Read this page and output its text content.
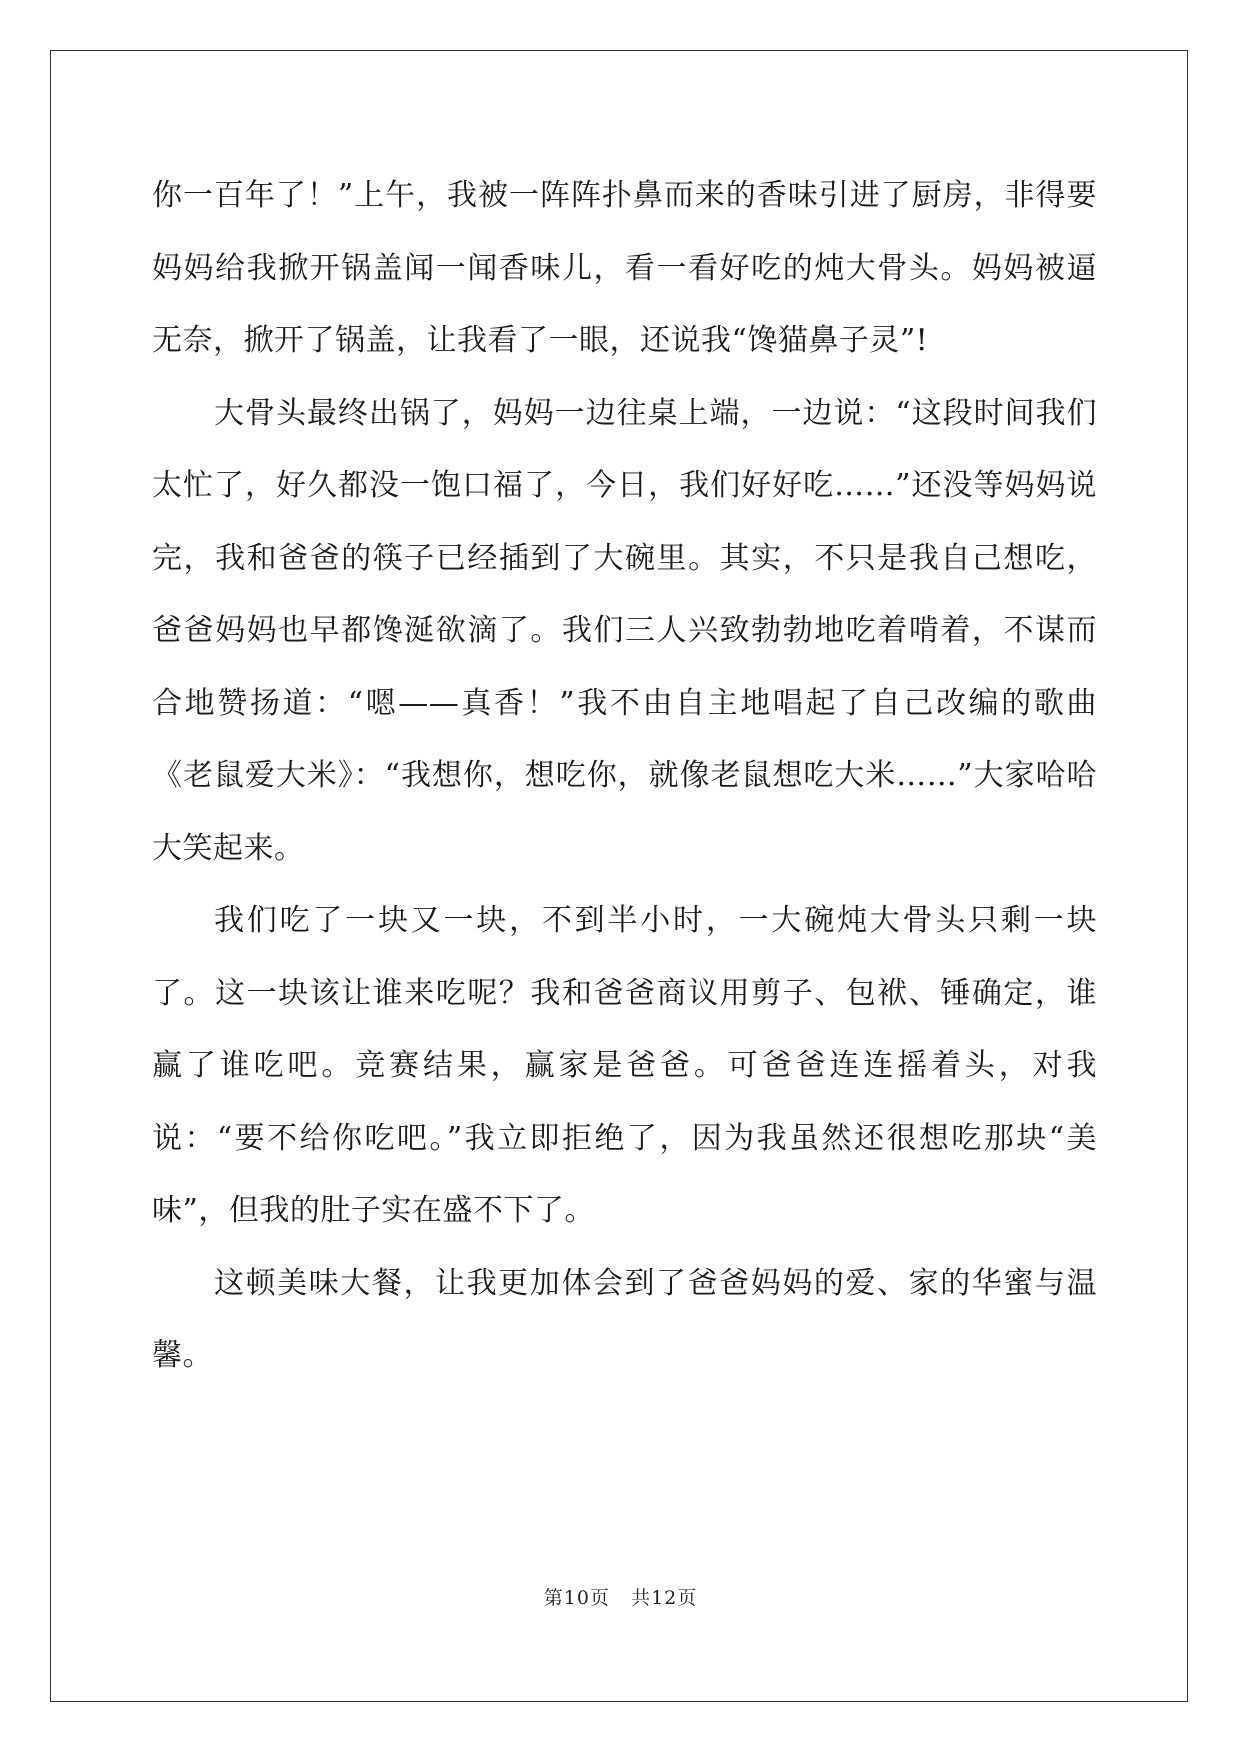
你一百年了！”上午，我被一阵阵扑鼻而来的香味引进了厨房，非得要妈妈给我掀开锅盖闻一闻香味儿，看一看好吃的炖大骨头。妈妈被逼无奈，掀开了锅盖，让我看了一眼，还说我“馋猫鼻子灵”!

大骨头最终出锅了，妈妈一边往桌上端，一边说：“这段时间我们太忙了，好久都没一饱口福了，今日，我们好好吃……”还没等妈妈说完，我和爸爸的筷子已经插到了大碗里。其实，不只是我自己想吃，爸爸妈妈也早都馋涎欲滴了。我们三人兴致勃勃地吃着啃着，不谋而合地赞扬道：“嗯——真香！”我不由自主地唱起了自己改编的歌曲《老鼠爱大米》：“我想你，想吃你，就像老鼠想吃大米……”大家哈哈大笑起来。

我们吃了一块又一块，不到半小时，一大碗炖大骨头只剩一块了。这一块该让谁来吃呢？我和爸爸商议用剪子、包袱、锤确定，谁赢了谁吃吧。竞赛结果，赢家是爸爸。可爸爸连连摇着头，对我说：“要不给你吃吧。”我立即拒绝了，因为我虽然还很想吃那块“美味”，但我的肚子实在盛不下了。

这顿美味大餐，让我更加体会到了爸爸妈妈的爱、家的华蜜与温馨。

第10页 共12页
